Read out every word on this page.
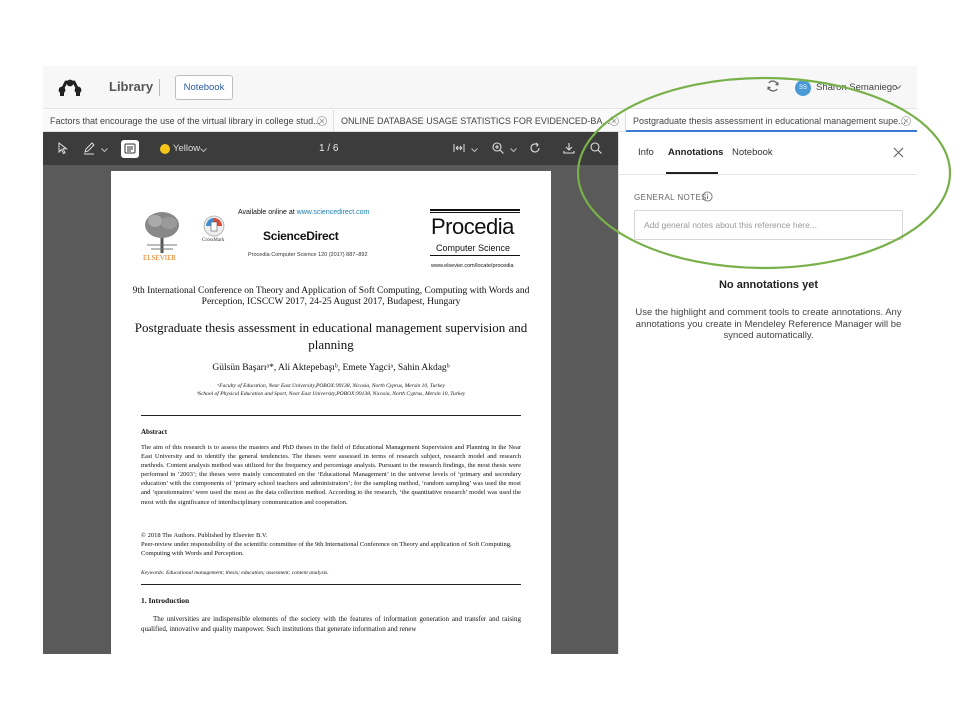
Library	Notebook	SS Sharon Semaniego
Factors that encourage the use of the virtual library in college stud...	ONLINE DATABASE USAGE STATISTICS FOR EVIDENCED-BA...	Postgraduate thesis assessment in educational management supe...
Yellow	1 / 6
ELSEVIER
CrossMark
Available online at www.sciencedirect.com
ScienceDirect
Procedia Computer Science 120 (2017) 887–892
Procedia
Computer Science
www.elsevier.com/locate/procedia
9th International Conference on Theory and Application of Soft Computing, Computing with Words and Perception, ICSCCW 2017, 24-25 August 2017, Budapest, Hungary
Postgraduate thesis assessment in educational management supervision and planning
Gülsün Başarıᵃ*, Ali Aktepebaşıᵇ, Emete Yagciᵃ, Sahin Akdagᵇ
ᵃFaculty of Education, Near East University,POBOX:99138, Nicosia, North Cyprus, Mersin 10, Turkey
ᵇSchool of Physical Education and Sport, Near East University,POBOX:99138, Nicosia, North Cyprus, Mersin 10, Turkey
Abstract
The aim of this research is to assess the masters and PhD theses in the field of Educational Management Supervision and Planning in the Near East University and to identify the general tendencies. The theses were assessed in terms of research subject, research model and research methods. Content analysis method was utilized for the frequency and percentage analysis. Pursuant to the research findings, the most thesis were performed in ‘2003’; the theses were mainly concentrated on the ‘Educational Management’ in the universe levels of ‘primary and secondary education’ with the components of ‘primary school teachers and administrators’; for the sampling method, ‘random sampling’ was used the most and ‘questionnaires’ were used the most as the data collection method. According to the research, ‘the quantitative research’ model was used the most with the significance of interdisciplinary communication and cooperation.
© 2018 The Authors. Published by Elsevier B.V.
Peer-review under responsibility of the scientific committee of the 9th International Conference on Theory and application of Soft Computing, Computing with Words and Perception.
Keywords: Educational management; thesis; education; assesment; content analysis.
1. Introduction
The universities are indispensible elements of the society with the features of information generation and transfer and raising qualified, innovative and quality manpower. Such institutions that generate information and renew
Info Annotations Notebook
GENERAL NOTES
Add general notes about this reference here...
No annotations yet
Use the highlight and comment tools to create annotations. Any annotations you create in Mendeley Reference Manager will be synced automatically.
